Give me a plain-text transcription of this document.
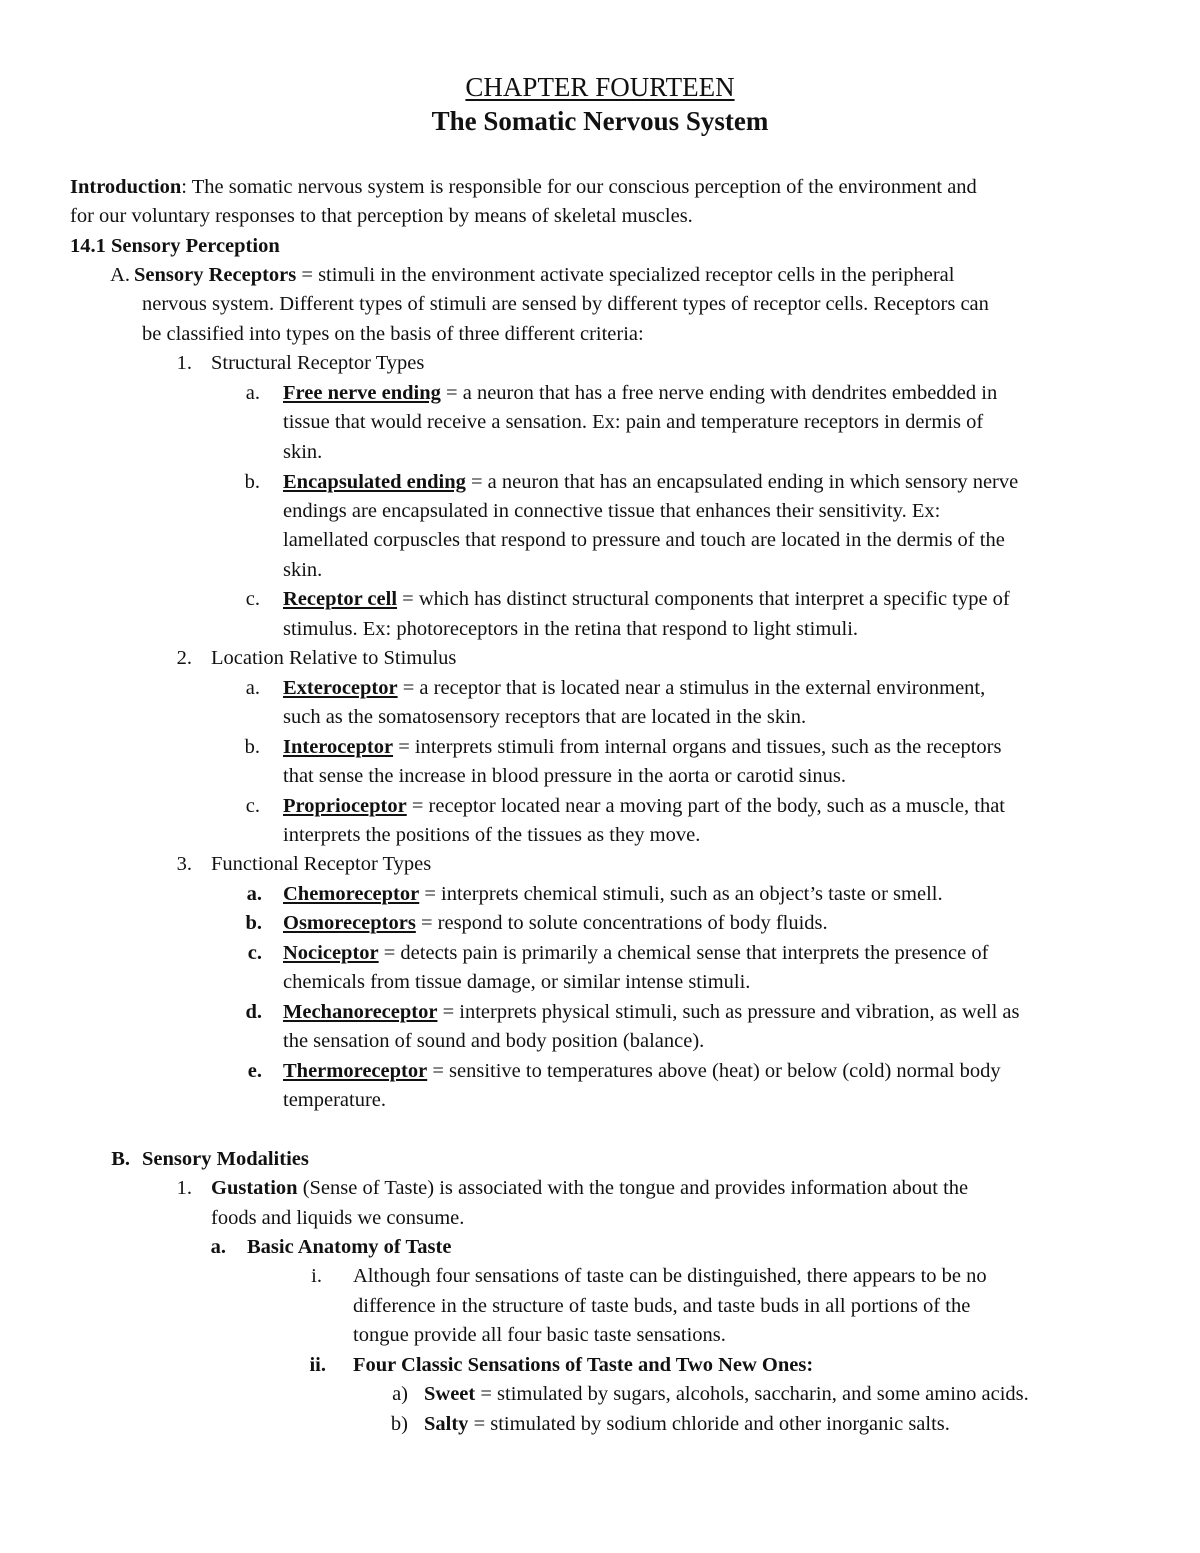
CHAPTER FOURTEEN
The Somatic Nervous System
Introduction: The somatic nervous system is responsible for our conscious perception of the environment and
for our voluntary responses to that perception by means of skeletal muscles.
14.1 Sensory Perception
A. Sensory Receptors = stimuli in the environment activate specialized receptor cells in the peripheral
nervous system. Different types of stimuli are sensed by different types of receptor cells. Receptors can
be classified into types on the basis of three different criteria:
1. Structural Receptor Types
a. Free nerve ending = a neuron that has a free nerve ending with dendrites embedded in
tissue that would receive a sensation. Ex: pain and temperature receptors in dermis of
skin.
b. Encapsulated ending = a neuron that has an encapsulated ending in which sensory nerve
endings are encapsulated in connective tissue that enhances their sensitivity. Ex:
lamellated corpuscles that respond to pressure and touch are located in the dermis of the
skin.
c. Receptor cell = which has distinct structural components that interpret a specific type of
stimulus. Ex: photoreceptors in the retina that respond to light stimuli.
2. Location Relative to Stimulus
a. Exteroceptor = a receptor that is located near a stimulus in the external environment,
such as the somatosensory receptors that are located in the skin.
b. Interoceptor = interprets stimuli from internal organs and tissues, such as the receptors
that sense the increase in blood pressure in the aorta or carotid sinus.
c. Proprioceptor = receptor located near a moving part of the body, such as a muscle, that
interprets the positions of the tissues as they move.
3. Functional Receptor Types
a. Chemoreceptor = interprets chemical stimuli, such as an object’s taste or smell.
b. Osmoreceptors = respond to solute concentrations of body fluids.
c. Nociceptor = detects pain is primarily a chemical sense that interprets the presence of
chemicals from tissue damage, or similar intense stimuli.
d. Mechanoreceptor = interprets physical stimuli, such as pressure and vibration, as well as
the sensation of sound and body position (balance).
e. Thermoreceptor = sensitive to temperatures above (heat) or below (cold) normal body
temperature.
B. Sensory Modalities
1. Gustation (Sense of Taste) is associated with the tongue and provides information about the
foods and liquids we consume.
a. Basic Anatomy of Taste
i. Although four sensations of taste can be distinguished, there appears to be no
difference in the structure of taste buds, and taste buds in all portions of the
tongue provide all four basic taste sensations.
ii. Four Classic Sensations of Taste and Two New Ones:
a) Sweet = stimulated by sugars, alcohols, saccharin, and some amino acids.
b) Salty = stimulated by sodium chloride and other inorganic salts.
